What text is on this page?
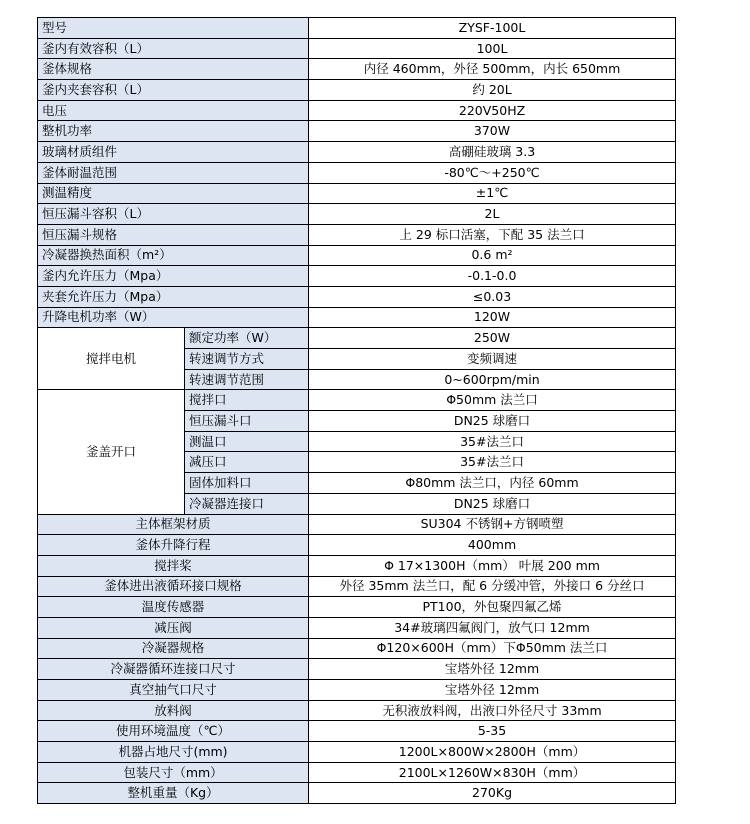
型号		ZYSF-100L
釜内有效容积（L）		100L
釜体规格		内径 460mm，外径 500mm，内长 650mm
釜内夹套容积（L）		约 20L
电压		220V50HZ
整机功率		370W
玻璃材质组件		高硼硅玻璃 3.3
釜体耐温范围		-80℃～+250℃
测温精度		±1℃
恒压漏斗容积（L）		2L
恒压漏斗规格		上 29 标口活塞，下配 35 法兰口
冷凝器换热面积（m²）		0.6 m²
釜内允许压力（Mpa）		-0.1-0.0
夹套允许压力（Mpa）		≤0.03
升降电机功率（W）		120W
搅拌电机	额定功率（W）	250W
	转速调节方式	变频调速
	转速调节范围	0~600rpm/min
釜盖开口	搅拌口	Φ50mm 法兰口
	恒压漏斗口	DN25 球磨口
	测温口	35#法兰口
	减压口	35#法兰口
	固体加料口	Φ80mm 法兰口，内径 60mm
	冷凝器连接口	DN25 球磨口
主体框架材质		SU304 不锈钢+方钢喷塑
釜体升降行程		400mm
搅拌桨		Φ 17×1300H（mm） 叶展 200 mm
釜体进出液循环接口规格		外径 35mm 法兰口，配 6 分缓冲管，外接口 6 分丝口
温度传感器		PT100，外包聚四氟乙烯
减压阀		34#玻璃四氟阀门，放气口 12mm
冷凝器规格		Φ120×600H（mm）下Φ50mm 法兰口
冷凝器循环连接口尺寸		宝塔外径 12mm
真空抽气口尺寸		宝塔外径 12mm
放料阀		无积液放料阀，出液口外径尺寸 33mm
使用环境温度（℃）		5-35
机器占地尺寸(mm)		1200L×800W×2800H（mm）
包装尺寸（mm）		2100L×1260W×830H（mm）
整机重量（Kg）		270Kg
